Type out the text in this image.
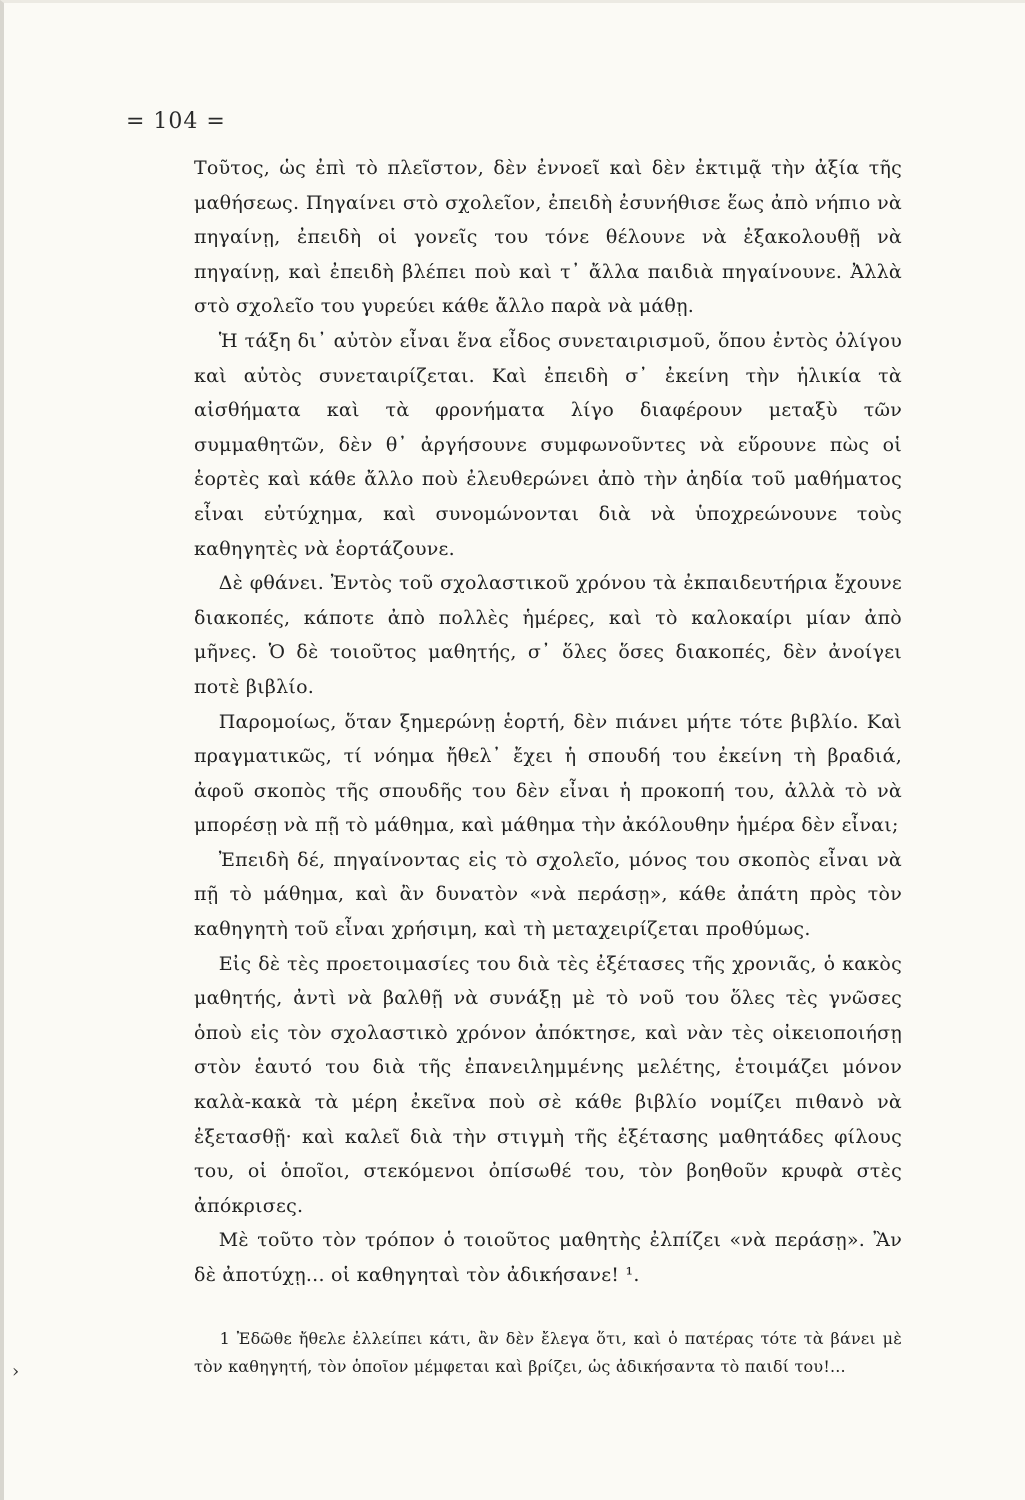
= 104 =

Τοῦτος, ὡς ἐπὶ τὸ πλεῖστον, δὲν ἐννοεῖ καὶ δὲν ἐκτιμᾷ τὴν ἀξία τῆς μαθήσεως. Πηγαίνει στὸ σχολεῖον, ἐπειδὴ ἐσυνήθισε ἕως ἀπὸ νήπιο νὰ πηγαίνῃ, ἐπειδὴ οἱ γονεῖς του τόνε θέλουνε νὰ ἐξακολουθῇ νὰ πηγαίνῃ, καὶ ἐπειδὴ βλέπει ποὺ καὶ τ᾽ ἄλλα παιδιὰ πηγαίνουνε. Ἀλλὰ στὸ σχολεῖο του γυρεύει κάθε ἄλλο παρὰ νὰ μάθῃ.

Ἡ τάξη δι᾽ αὐτὸν εἶναι ἕνα εἶδος συνεταιρισμοῦ, ὅπου ἐντὸς ὀλίγου καὶ αὐτὸς συνεταιρίζεται. Καὶ ἐπειδὴ σ᾽ ἐκείνη τὴν ἡλικία τὰ αἰσθήματα καὶ τὰ φρονήματα λίγο διαφέρουν μεταξὺ τῶν συμμαθητῶν, δὲν θ᾽ ἀργήσουνε συμφωνοῦντες νὰ εὕρουνε πὼς οἱ ἑορτὲς καὶ κάθε ἄλλο ποὺ ἐλευθερώνει ἀπὸ τὴν ἀηδία τοῦ μαθήματος εἶναι εὐτύχημα, καὶ συνομώνονται διὰ νὰ ὑποχρεώνουνε τοὺς καθηγητὲς νὰ ἑορτάζουνε.

Δὲ φθάνει. Ἐντὸς τοῦ σχολαστικοῦ χρόνου τὰ ἐκπαιδευτήρια ἔχουνε διακοπές, κάποτε ἀπὸ πολλὲς ἡμέρες, καὶ τὸ καλοκαίρι μίαν ἀπὸ μῆνες. Ὁ δὲ τοιοῦτος μαθητής, σ᾽ ὅλες ὅσες διακοπές, δὲν ἀνοίγει ποτὲ βιβλίο.

Παρομοίως, ὅταν ξημερώνῃ ἑορτή, δὲν πιάνει μήτε τότε βιβλίο. Καὶ πραγματικῶς, τί νόημα ἤθελ᾽ ἔχει ἡ σπουδή του ἐκείνη τὴ βραδιά, ἀφοῦ σκοπὸς τῆς σπουδῆς του δὲν εἶναι ἡ προκοπή του, ἀλλὰ τὸ νὰ μπορέσῃ νὰ πῇ τὸ μάθημα, καὶ μάθημα τὴν ἀκόλουθην ἡμέρα δὲν εἶναι;

Ἐπειδὴ δέ, πηγαίνοντας εἰς τὸ σχολεῖο, μόνος του σκοπὸς εἶναι νὰ πῇ τὸ μάθημα, καὶ ἂν δυνατὸν «νὰ περάσῃ», κάθε ἀπάτη πρὸς τὸν καθηγητὴ τοῦ εἶναι χρήσιμη, καὶ τὴ μεταχειρίζεται προθύμως.

Εἰς δὲ τὲς προετοιμασίες του διὰ τὲς ἐξέτασες τῆς χρονιᾶς, ὁ κακὸς μαθητής, ἀντὶ νὰ βαλθῇ νὰ συνάξῃ μὲ τὸ νοῦ του ὅλες τὲς γνῶσες ὁποὺ εἰς τὸν σχολαστικὸ χρόνον ἀπόκτησε, καὶ νὰν τὲς οἰκειοποιήσῃ στὸν ἑαυτό του διὰ τῆς ἐπανειλημμένης μελέτης, ἑτοιμάζει μόνον καλὰ-κακὰ τὰ μέρη ἐκεῖνα ποὺ σὲ κάθε βιβλίο νομίζει πιθανὸ νὰ ἐξετασθῇ· καὶ καλεῖ διὰ τὴν στιγμὴ τῆς ἐξέτασης μαθητάδες φίλους του, οἱ ὁποῖοι, στεκόμενοι ὀπίσωθέ του, τὸν βοηθοῦν κρυφὰ στὲς ἀπόκρισες.

Μὲ τοῦτο τὸν τρόπον ὁ τοιοῦτος μαθητὴς ἐλπίζει «νὰ περάσῃ». Ἂν δὲ ἀποτύχῃ... οἱ καθηγηταὶ τὸν ἀδικήσανε! ¹.

1 Ἐδῶθε ἤθελε ἐλλείπει κάτι, ἂν δὲν ἔλεγα ὅτι, καὶ ὁ πατέρας τότε τὰ βάνει μὲ τὸν καθηγητή, τὸν ὁποῖον μέμφεται καὶ βρίζει, ὡς ἀδικήσαντα τὸ παιδί του!...

›
